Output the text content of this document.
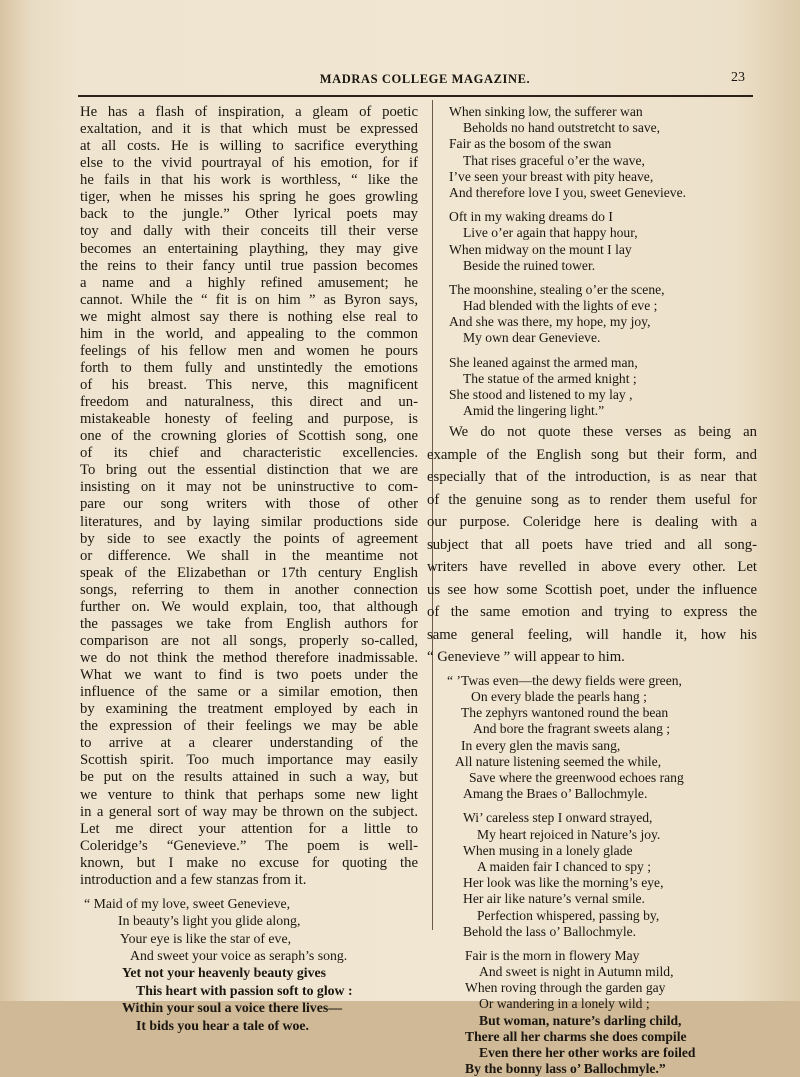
MADRAS COLLEGE MAGAZINE.	23
He has a flash of inspiration, a gleam of poetic
exaltation, and it is that which must be expressed
at all costs. He is willing to sacrifice everything
else to the vivid pourtrayal of his emotion, for if
he fails in that his work is worthless, “ like the
tiger, when he misses his spring he goes growling
back to the jungle.” Other lyrical poets may
toy and dally with their conceits till their verse
becomes an entertaining plaything, they may give
the reins to their fancy until true passion becomes
a name and a highly refined amusement; he
cannot. While the “ fit is on him ” as Byron says,
we might almost say there is nothing else real to
him in the world, and appealing to the common
feelings of his fellow men and women he pours
forth to them fully and unstintedly the emotions
of his breast. This nerve, this magnificent
freedom and naturalness, this direct and un-
mistakeable honesty of feeling and purpose, is
one of the crowning glories of Scottish song, one
of its chief and characteristic excellencies.
To bring out the essential distinction that we are
insisting on it may not be uninstructive to com-
pare our song writers with those of other
literatures, and by laying similar productions side
by side to see exactly the points of agreement
or difference. We shall in the meantime not
speak of the Elizabethan or 17th century English
songs, referring to them in another connection
further on. We would explain, too, that although
the passages we take from English authors for
comparison are not all songs, properly so-called,
we do not think the method therefore inadmissable.
What we want to find is two poets under the
influence of the same or a similar emotion, then
by examining the treatment employed by each in
the expression of their feelings we may be able
to arrive at a clearer understanding of the
Scottish spirit. Too much importance may easily
be put on the results attained in such a way, but
we venture to think that perhaps some new light
in a general sort of way may be thrown on the subject.
Let me direct your attention for a little to
Coleridge’s “Genevieve.” The poem is well-
known, but I make no excuse for quoting the
introduction and a few stanzas from it.
“ Maid of my love, sweet Genevieve,
In beauty’s light you glide along,
Your eye is like the star of eve,
And sweet your voice as seraph’s song.
Yet not your heavenly beauty gives
This heart with passion soft to glow :
Within your soul a voice there lives—
It bids you hear a tale of woe.
When sinking low, the sufferer wan
Beholds no hand outstretcht to save,
Fair as the bosom of the swan
That rises graceful o’er the wave,
I’ve seen your breast with pity heave,
And therefore love I you, sweet Genevieve.
Oft in my waking dreams do I
Live o’er again that happy hour,
When midway on the mount I lay
Beside the ruined tower.
The moonshine, stealing o’er the scene,
Had blended with the lights of eve ;
And she was there, my hope, my joy,
My own dear Genevieve.
She leaned against the armed man,
The statue of the armed knight ;
She stood and listened to my lay ,
Amid the lingering light.”
We do not quote these verses as being an
example of the English song but their form, and
especially that of the introduction, is as near that
of the genuine song as to render them useful for
our purpose. Coleridge here is dealing with a
subject that all poets have tried and all song-
writers have revelled in above every other. Let
us see how some Scottish poet, under the influence
of the same emotion and trying to express the
same general feeling, will handle it, how his
“ Genevieve ” will appear to him.
“ ’Twas even—the dewy fields were green,
On every blade the pearls hang ;
The zephyrs wantoned round the bean
And bore the fragrant sweets alang ;
In every glen the mavis sang,
All nature listening seemed the while,
Save where the greenwood echoes rang
Amang the Braes o’ Ballochmyle.
Wi’ careless step I onward strayed,
My heart rejoiced in Nature’s joy.
When musing in a lonely glade
A maiden fair I chanced to spy ;
Her look was like the morning’s eye,
Her air like nature’s vernal smile.
Perfection whispered, passing by,
Behold the lass o’ Ballochmyle.
Fair is the morn in flowery May
And sweet is night in Autumn mild,
When roving through the garden gay
Or wandering in a lonely wild ;
But woman, nature’s darling child,
There all her charms she does compile
Even there her other works are foiled
By the bonny lass o’ Ballochmyle.”
